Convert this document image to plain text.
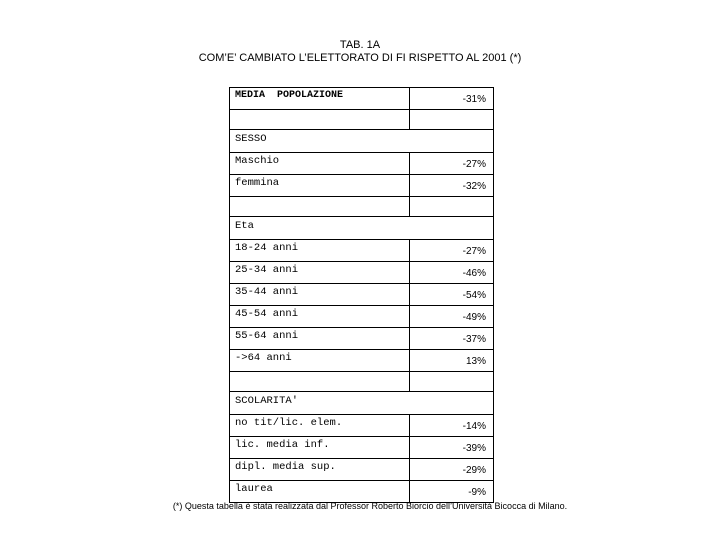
TAB. 1A
COM’E’ CAMBIATO L’ELETTORATO DI FI RISPETTO AL 2001 (*)
MEDIA POPOLAZIONE	-31%

SESSO	
Maschio	-27%
femmina	-32%

Eta	
18-24 anni	-27%
25-34 anni	-46%
35-44 anni	-54%
45-54 anni	-49%
55-64 anni	-37%
->64 anni	13%

SCOLARITA'	
no tit/lic. elem.	-14%
lic. media inf.	-39%
dipl. media sup.	-29%
laurea	-9%
(*) Questa tabella è stata realizzata dal Professor Roberto Biorcio dell’Università Bicocca di Milano.
